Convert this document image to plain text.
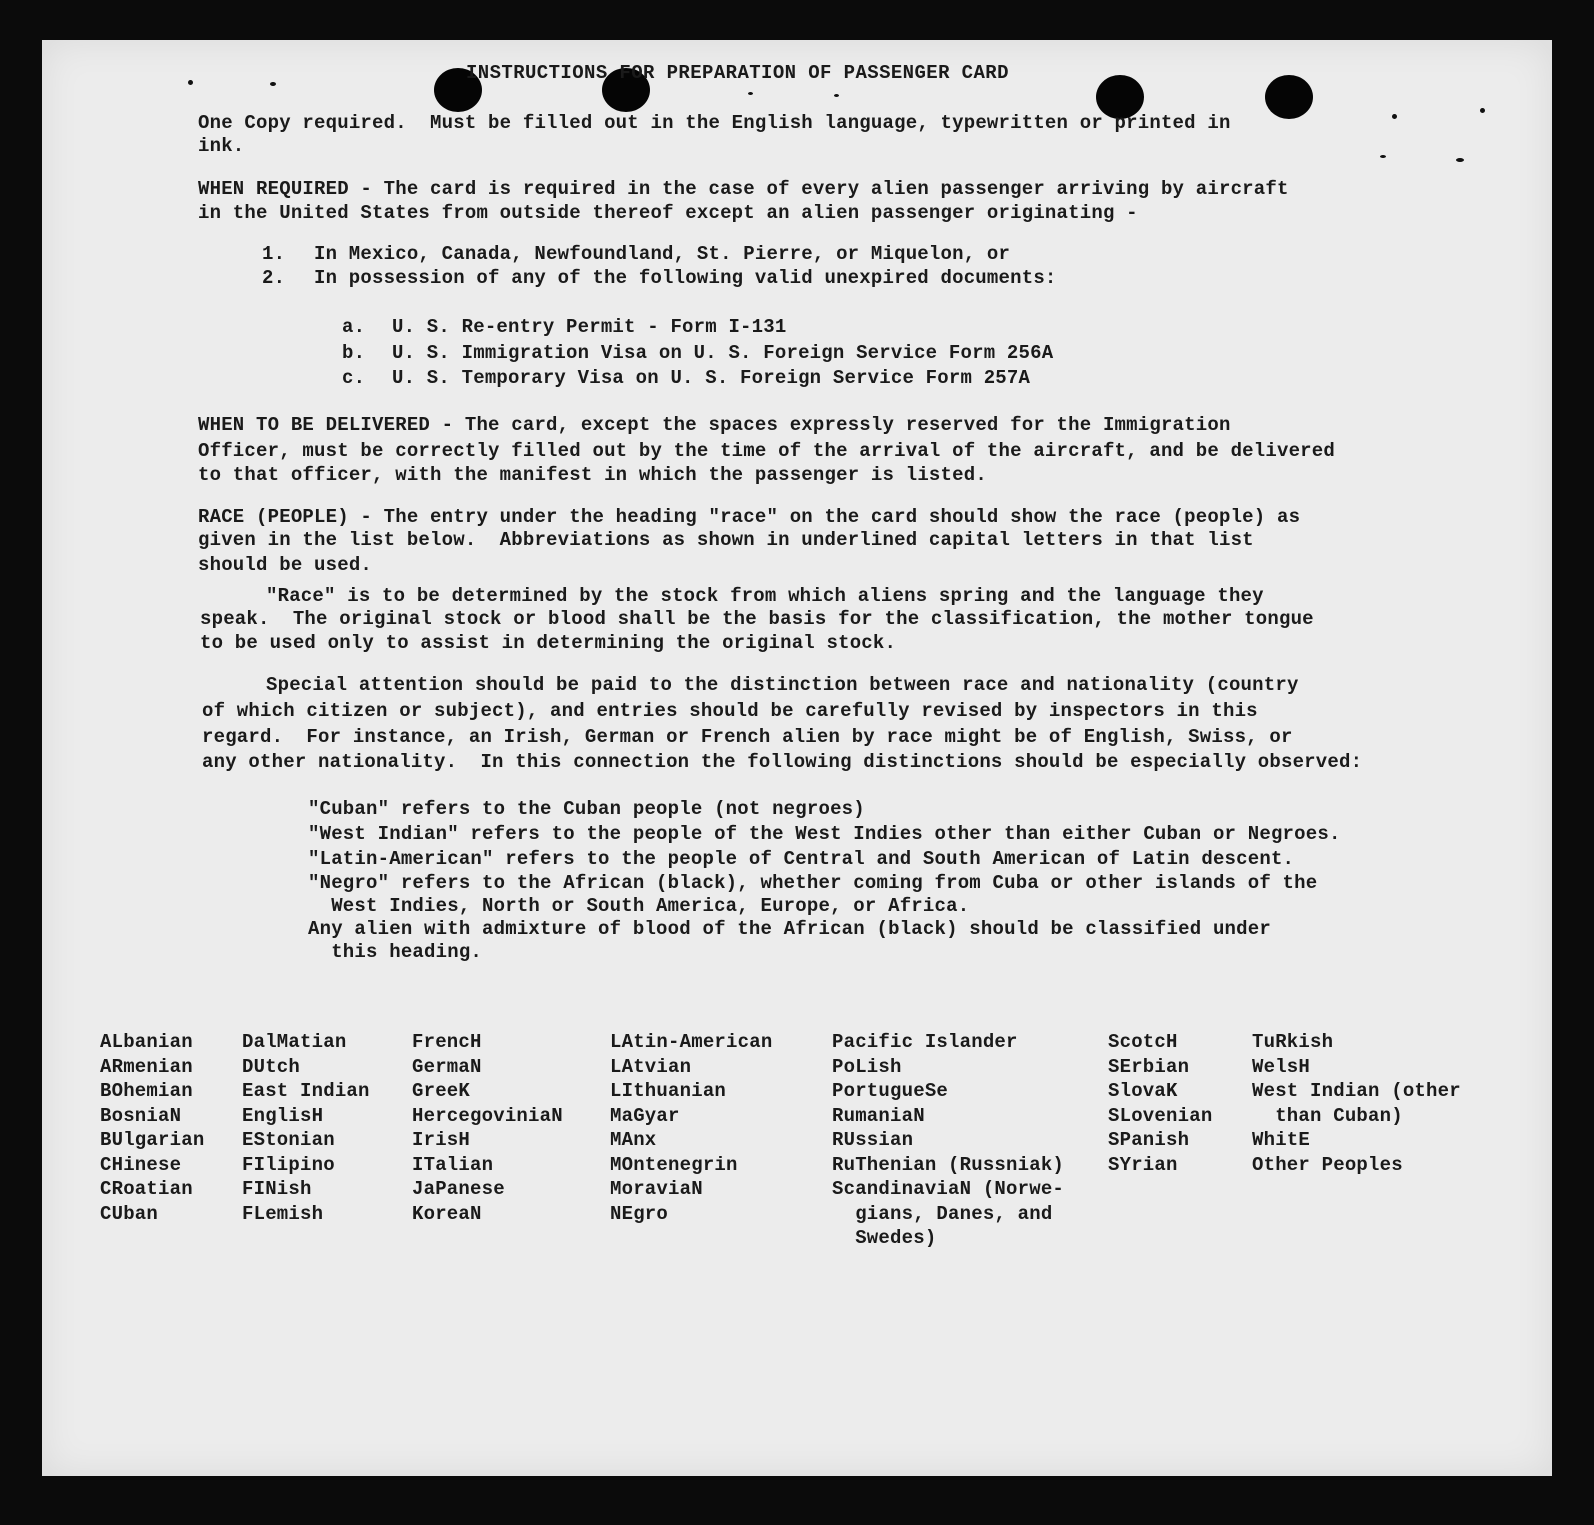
INSTRUCTIONS FOR PREPARATION OF PASSENGER CARD
One Copy required.  Must be filled out in the English language, typewritten or printed in
ink.
WHEN REQUIRED - The card is required in the case of every alien passenger arriving by aircraft
in the United States from outside thereof except an alien passenger originating -
1. In Mexico, Canada, Newfoundland, St. Pierre, or Miquelon, or
2. In possession of any of the following valid unexpired documents:
a. U. S. Re-entry Permit - Form I-131
b. U. S. Immigration Visa on U. S. Foreign Service Form 256A
c. U. S. Temporary Visa on U. S. Foreign Service Form 257A
WHEN TO BE DELIVERED - The card, except the spaces expressly reserved for the Immigration
Officer, must be correctly filled out by the time of the arrival of the aircraft, and be delivered
to that officer, with the manifest in which the passenger is listed.
RACE (PEOPLE) - The entry under the heading "race" on the card should show the race (people) as
given in the list below.  Abbreviations as shown in underlined capital letters in that list
should be used.
"Race" is to be determined by the stock from which aliens spring and the language they
speak.  The original stock or blood shall be the basis for the classification, the mother tongue
to be used only to assist in determining the original stock.
Special attention should be paid to the distinction between race and nationality (country
of which citizen or subject), and entries should be carefully revised by inspectors in this
regard.  For instance, an Irish, German or French alien by race might be of English, Swiss, or
any other nationality.  In this connection the following distinctions should be especially observed:
"Cuban" refers to the Cuban people (not negroes)
"West Indian" refers to the people of the West Indies other than either Cuban or Negroes.
"Latin-American" refers to the people of Central and South American of Latin descent.
"Negro" refers to the African (black), whether coming from Cuba or other islands of the
West Indies, North or South America, Europe, or Africa.
Any alien with admixture of blood of the African (black) should be classified under
this heading.
ALbanian
ARmenian
BOhemian
BosniaN
BUlgarian
CHinese
CRoatian
CUban
DalMatian
DUtch
East Indian
EnglisH
EStonian
FIlipino
FINish
FLemish
FrencH
GermaN
GreeK
HercegoviniaN
IrisH
ITalian
JaPanese
KoreaN
LAtin-American
LAtvian
LIthuanian
MaGyar
MAnx
MOntenegrin
MoraviaN
NEgro
Pacific Islander
PoLish
PortugueSe
RumaniaN
RUssian
RuThenian (Russniak)
ScandinaviaN (Norwe-
gians, Danes, and
Swedes)
ScotcH
SErbian
SlovaK
SLovenian
SPanish
SYrian
TuRkish
WelsH
West Indian (other
than Cuban)
WhitE
Other Peoples
